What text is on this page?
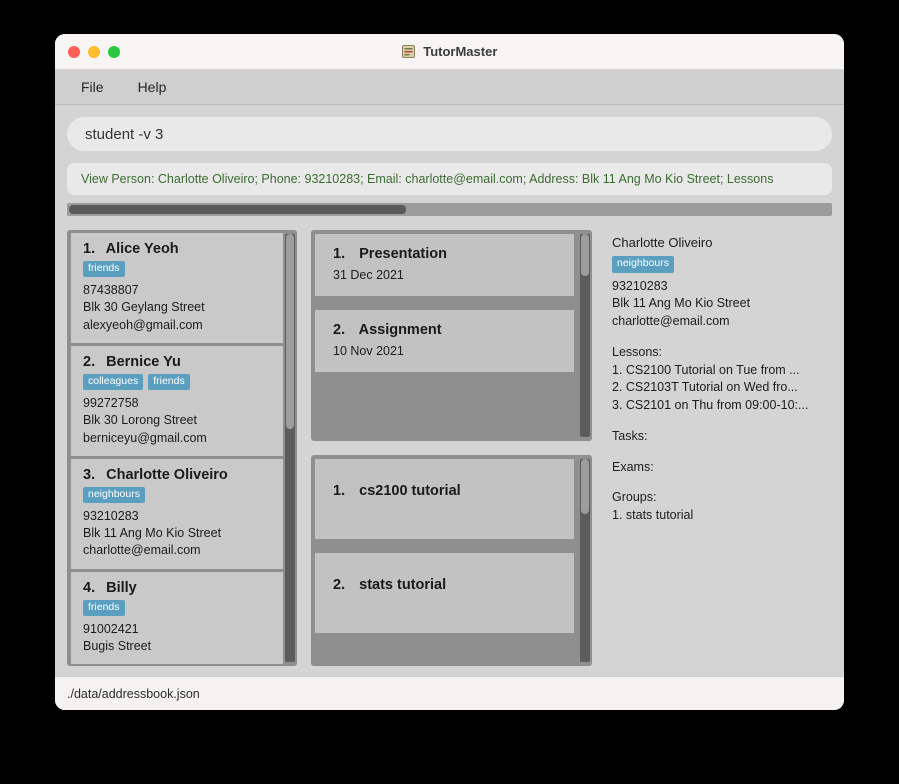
TutorMaster
File	Help
student -v 3
View Person: Charlotte Oliveiro; Phone: 93210283; Email: charlotte@email.com; Address: Blk 11 Ang Mo Kio Street; Lessons
1. Alice Yeoh
friends
87438807
Blk 30 Geylang Street
alexyeoh@gmail.com
2. Bernice Yu
colleagues	friends
99272758
Blk 30 Lorong Street
berniceyu@gmail.com
3. Charlotte Oliveiro
neighbours
93210283
Blk 11 Ang Mo Kio Street
charlotte@email.com
4. Billy
friends
91002421
Bugis Street
1. Presentation
31 Dec 2021
2. Assignment
10 Nov 2021
1. cs2100 tutorial
2. stats tutorial
Charlotte Oliveiro
neighbours
93210283
Blk 11 Ang Mo Kio Street
charlotte@email.com
Lessons:
1. CS2100 Tutorial on Tue from ...
2. CS2103T Tutorial on Wed fro...
3. CS2101 on Thu from 09:00-10:...
Tasks:
Exams:
Groups:
1. stats tutorial
./data/addressbook.json
